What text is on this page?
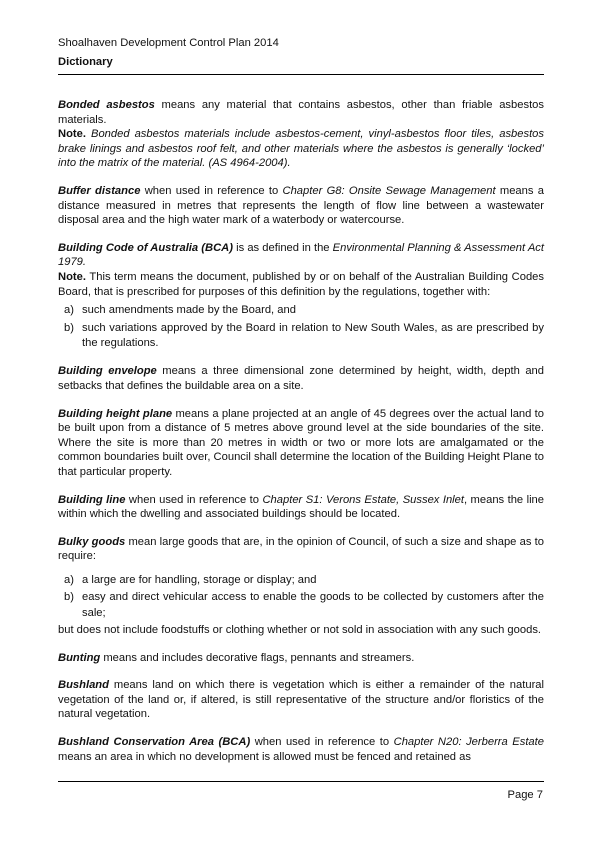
Shoalhaven Development Control Plan 2014
Dictionary
Bonded asbestos means any material that contains asbestos, other than friable asbestos materials.
Note. Bonded asbestos materials include asbestos-cement, vinyl-asbestos floor tiles, asbestos brake linings and asbestos roof felt, and other materials where the asbestos is generally ‘locked’ into the matrix of the material. (AS 4964-2004).
Buffer distance when used in reference to Chapter G8: Onsite Sewage Management means a distance measured in metres that represents the length of flow line between a wastewater disposal area and the high water mark of a waterbody or watercourse.
Building Code of Australia (BCA) is as defined in the Environmental Planning & Assessment Act 1979.
Note. This term means the document, published by or on behalf of the Australian Building Codes Board, that is prescribed for purposes of this definition by the regulations, together with:
a) such amendments made by the Board, and
b) such variations approved by the Board in relation to New South Wales, as are prescribed by the regulations.
Building envelope means a three dimensional zone determined by height, width, depth and setbacks that defines the buildable area on a site.
Building height plane means a plane projected at an angle of 45 degrees over the actual land to be built upon from a distance of 5 metres above ground level at the side boundaries of the site. Where the site is more than 20 metres in width or two or more lots are amalgamated or the common boundaries built over, Council shall determine the location of the Building Height Plane to that particular property.
Building line when used in reference to Chapter S1: Verons Estate, Sussex Inlet, means the line within which the dwelling and associated buildings should be located.
Bulky goods mean large goods that are, in the opinion of Council, of such a size and shape as to require:
a) a large are for handling, storage or display; and
b) easy and direct vehicular access to enable the goods to be collected by customers after the sale;
but does not include foodstuffs or clothing whether or not sold in association with any such goods.
Bunting means and includes decorative flags, pennants and streamers.
Bushland means land on which there is vegetation which is either a remainder of the natural vegetation of the land or, if altered, is still representative of the structure and/or floristics of the natural vegetation.
Bushland Conservation Area (BCA) when used in reference to Chapter N20: Jerberra Estate means an area in which no development is allowed must be fenced and retained as
Page 7
